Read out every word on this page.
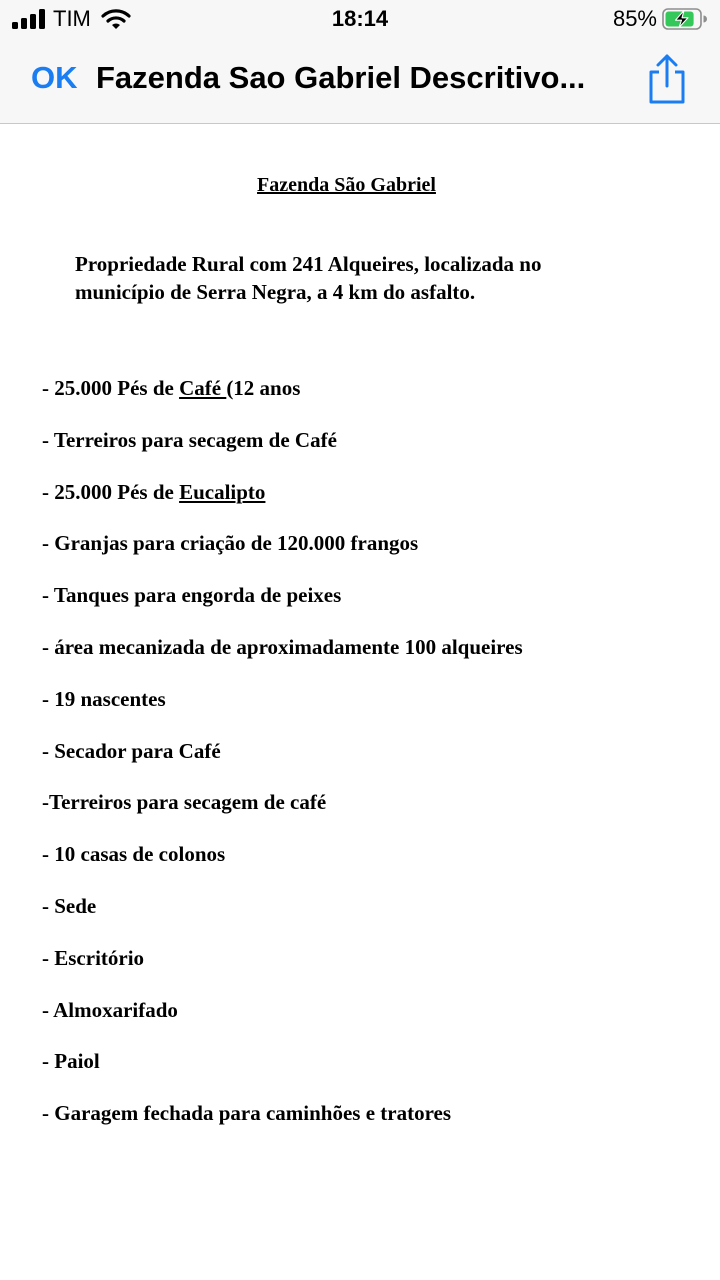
TIM	18:14	85%
OK Fazenda Sao Gabriel Descritivo...
Fazenda São Gabriel

Propriedade Rural com 241 Alqueires, localizada no
município de Serra Negra, a 4 km do asfalto.

- 25.000 Pés de Café (12 anos
- Terreiros para secagem de Café
- 25.000 Pés de Eucalipto
- Granjas para criação de 120.000 frangos
- Tanques para engorda de peixes
- área mecanizada de aproximadamente 100 alqueires
- 19 nascentes
- Secador para Café
-Terreiros para secagem de café
- 10 casas de colonos
- Sede
- Escritório
- Almoxarifado
- Paiol
- Garagem fechada para caminhões e tratores
